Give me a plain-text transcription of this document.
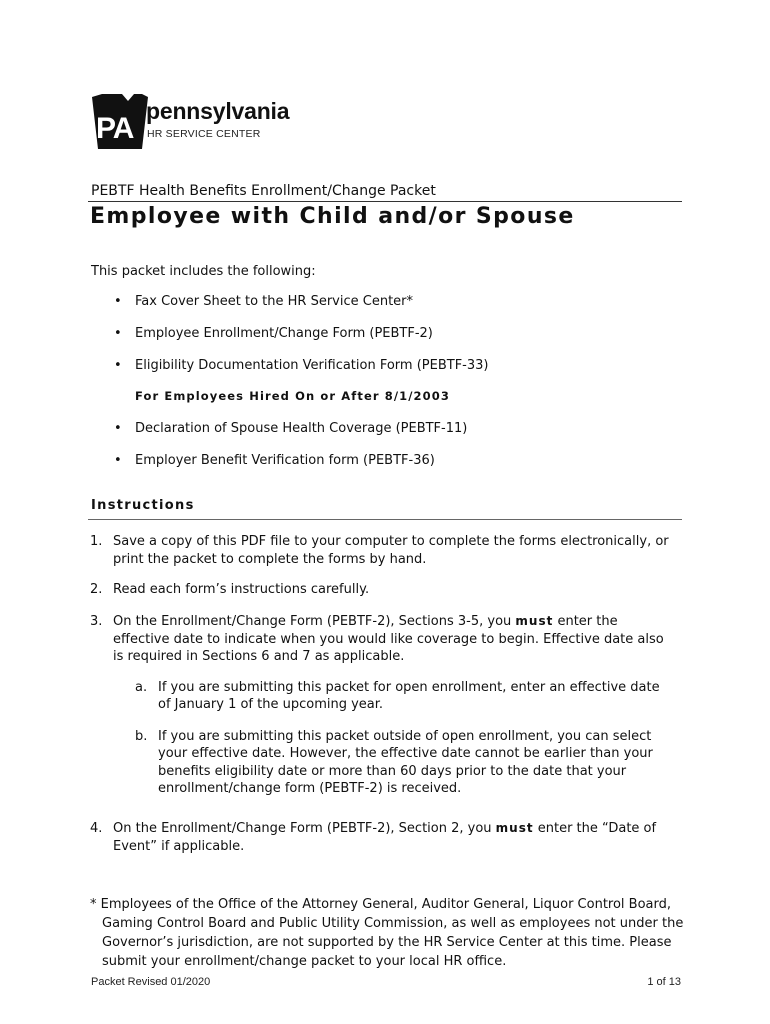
PA
pennsylvania
HR SERVICE CENTER
PEBTF Health Benefits Enrollment/Change Packet
Employee with Child and/or Spouse
This packet includes the following:
• Fax Cover Sheet to the HR Service Center*
• Employee Enrollment/Change Form (PEBTF-2)
• Eligibility Documentation Verification Form (PEBTF-33)
For Employees Hired On or After 8/1/2003
• Declaration of Spouse Health Coverage (PEBTF-11)
• Employer Benefit Verification form (PEBTF-36)
Instructions
1. Save a copy of this PDF file to your computer to complete the forms electronically, or print the packet to complete the forms by hand.
2. Read each form’s instructions carefully.
3. On the Enrollment/Change Form (PEBTF-2), Sections 3-5, you must enter the effective date to indicate when you would like coverage to begin. Effective date also is required in Sections 6 and 7 as applicable.
a. If you are submitting this packet for open enrollment, enter an effective date of January 1 of the upcoming year.
b. If you are submitting this packet outside of open enrollment, you can select your effective date. However, the effective date cannot be earlier than your benefits eligibility date or more than 60 days prior to the date that your enrollment/change form (PEBTF-2) is received.
4. On the Enrollment/Change Form (PEBTF-2), Section 2, you must enter the “Date of Event” if applicable.
* Employees of the Office of the Attorney General, Auditor General, Liquor Control Board, Gaming Control Board and Public Utility Commission, as well as employees not under the Governor’s jurisdiction, are not supported by the HR Service Center at this time. Please submit your enrollment/change packet to your local HR office.
Packet Revised 01/2020	1 of 13
